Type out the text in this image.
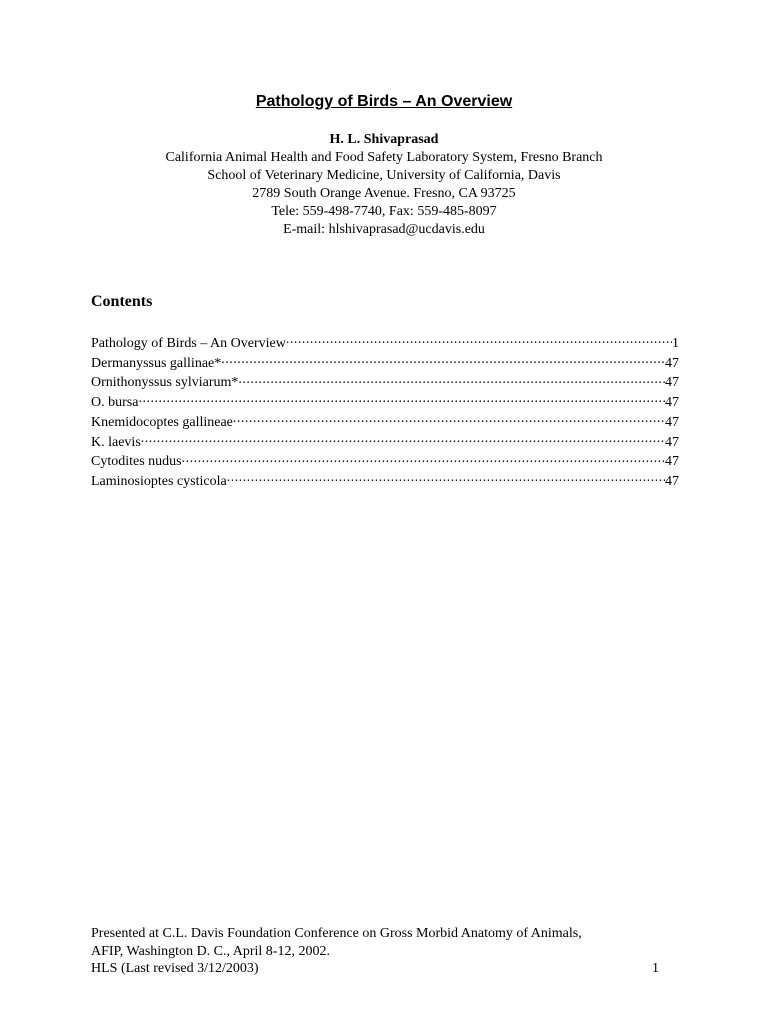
Pathology of Birds – An Overview
H. L. Shivaprasad
California Animal Health and Food Safety Laboratory System, Fresno Branch
School of Veterinary Medicine, University of California, Davis
2789 South Orange Avenue. Fresno, CA 93725
Tele: 559-498-7740, Fax: 559-485-8097
E-mail: hlshivaprasad@ucdavis.edu
Contents
Pathology of Birds – An Overview .....	1
Dermanyssus gallinae* .....	47
Ornithonyssus sylviarum* .....	47
O. bursa .....	47
Knemidocoptes gallineae .....	47
K. laevis .....	47
Cytodites nudus .....	47
Laminosioptes cysticola .....	47
Presented at C.L. Davis Foundation Conference on Gross Morbid Anatomy of Animals,
AFIP, Washington D. C., April 8-12, 2002.
HLS (Last revised 3/12/2003)	1
